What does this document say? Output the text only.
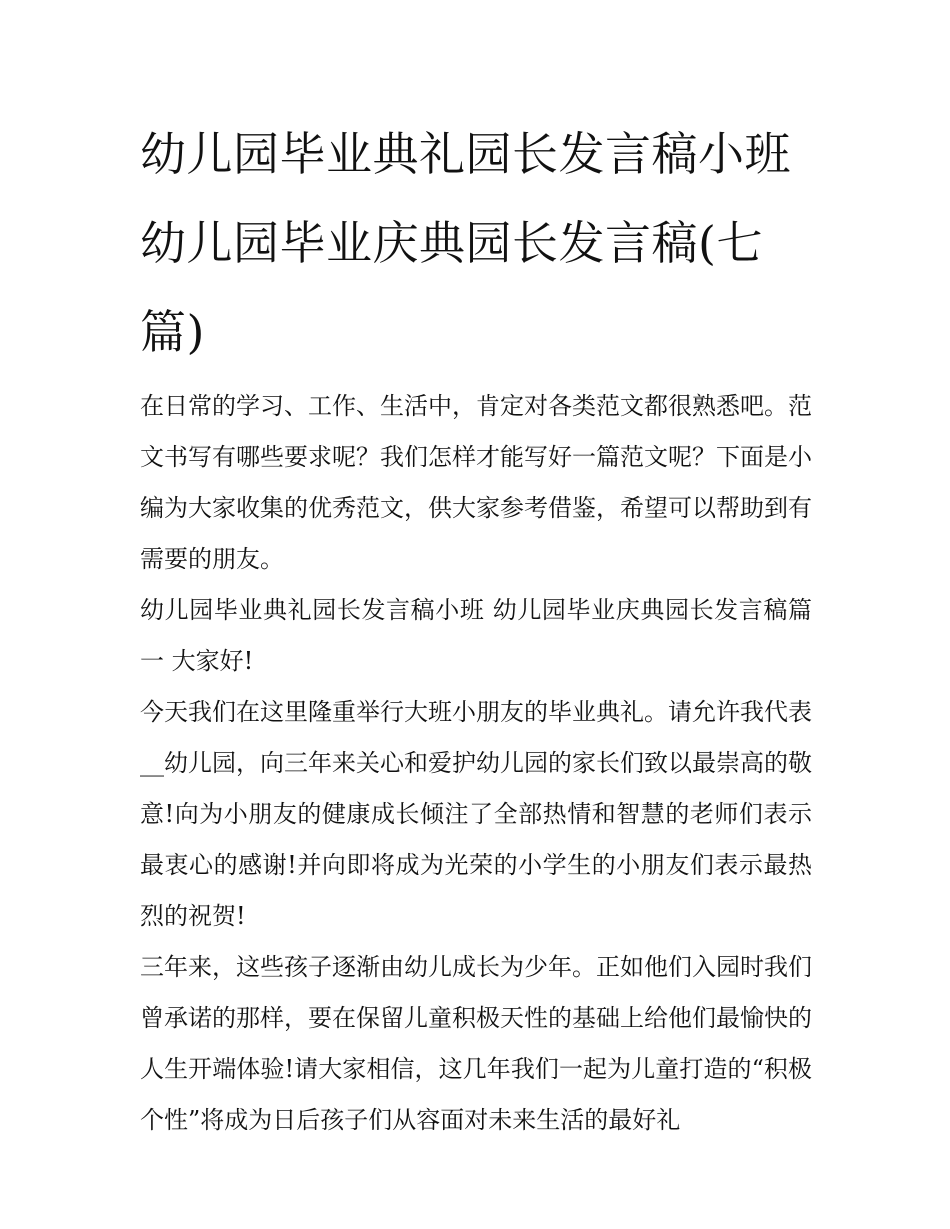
幼儿园毕业典礼园长发言稿小班 幼儿园毕业庆典园长发言稿(七篇)

在日常的学习、工作、生活中，肯定对各类范文都很熟悉吧。范文书写有哪些要求呢？我们怎样才能写好一篇范文呢？下面是小编为大家收集的优秀范文，供大家参考借鉴，希望可以帮助到有需要的朋友。

幼儿园毕业典礼园长发言稿小班 幼儿园毕业庆典园长发言稿篇一 大家好!

今天我们在这里隆重举行大班小朋友的毕业典礼。请允许我代表__幼儿园，向三年来关心和爱护幼儿园的家长们致以最崇高的敬意!向为小朋友的健康成长倾注了全部热情和智慧的老师们表示最衷心的感谢!并向即将成为光荣的小学生的小朋友们表示最热烈的祝贺!

三年来，这些孩子逐渐由幼儿成长为少年。正如他们入园时我们曾承诺的那样，要在保留儿童积极天性的基础上给他们最愉快的人生开端体验!请大家相信，这几年我们一起为儿童打造的“积极个性”将成为日后孩子们从容面对未来生活的最好礼
